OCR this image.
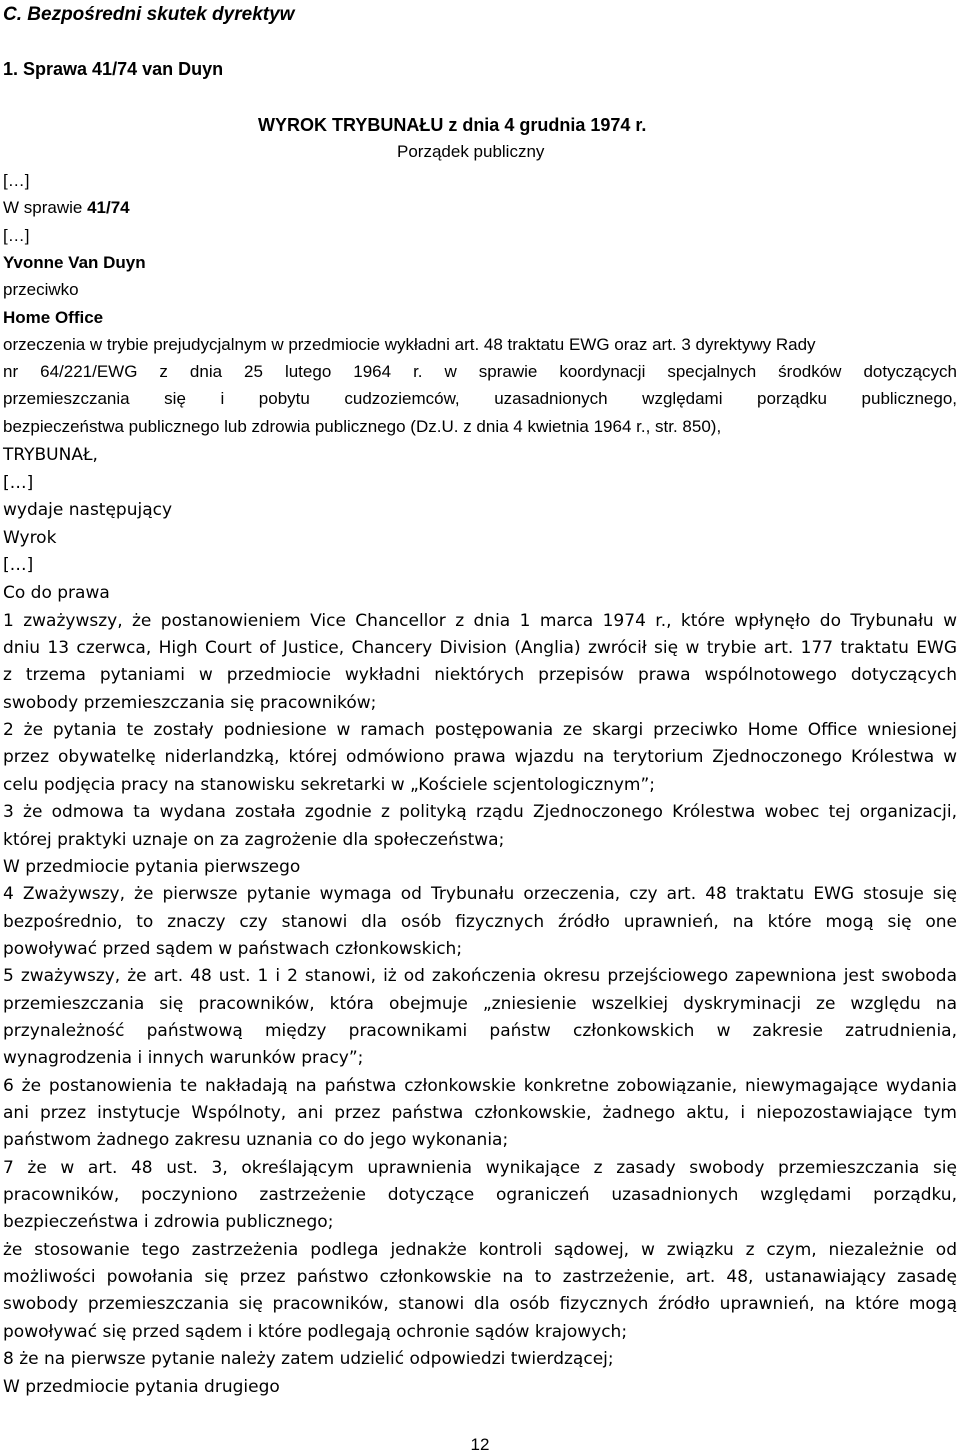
C. Bezpośredni skutek dyrektyw
1. Sprawa 41/74 van Duyn
WYROK TRYBUNAŁU z dnia 4 grudnia 1974 r.
Porządek publiczny
[…]
W sprawie 41/74
[…]
Yvonne Van Duyn
przeciwko
Home Office
orzeczenia w trybie prejudycjalnym w przedmiocie wykładni art. 48 traktatu EWG oraz art. 3 dyrektywy Rady
nr 64/221/EWG z dnia 25 lutego 1964 r. w sprawie koordynacji specjalnych środków dotyczących
przemieszczania się i pobytu cudzoziemców, uzasadnionych względami porządku publicznego,
bezpieczeństwa publicznego lub zdrowia publicznego (Dz.U. z dnia 4 kwietnia 1964 r., str. 850),
TRYBUNAŁ,
[…]
wydaje następujący
Wyrok
[…]
Co do prawa
1 zważywszy, że postanowieniem Vice Chancellor z dnia 1 marca 1974 r., które wpłynęło do Trybunału w
dniu 13 czerwca, High Court of Justice, Chancery Division (Anglia) zwrócił się w trybie art. 177 traktatu EWG
z trzema pytaniami w przedmiocie wykładni niektórych przepisów prawa wspólnotowego dotyczących
swobody przemieszczania się pracowników;
2 że pytania te zostały podniesione w ramach postępowania ze skargi przeciwko Home Office wniesionej
przez obywatelkę niderlandzką, której odmówiono prawa wjazdu na terytorium Zjednoczonego Królestwa w
celu podjęcia pracy na stanowisku sekretarki w „Kościele scjentologicznym”;
3 że odmowa ta wydana została zgodnie z polityką rządu Zjednoczonego Królestwa wobec tej organizacji,
której praktyki uznaje on za zagrożenie dla społeczeństwa;
W przedmiocie pytania pierwszego
4 Zważywszy, że pierwsze pytanie wymaga od Trybunału orzeczenia, czy art. 48 traktatu EWG stosuje się
bezpośrednio, to znaczy czy stanowi dla osób fizycznych źródło uprawnień, na które mogą się one
powoływać przed sądem w państwach członkowskich;
5 zważywszy, że art. 48 ust. 1 i 2 stanowi, iż od zakończenia okresu przejściowego zapewniona jest swoboda
przemieszczania się pracowników, która obejmuje „zniesienie wszelkiej dyskryminacji ze względu na
przynależność państwową między pracownikami państw członkowskich w zakresie zatrudnienia,
wynagrodzenia i innych warunków pracy”;
6 że postanowienia te nakładają na państwa członkowskie konkretne zobowiązanie, niewymagające wydania
ani przez instytucje Wspólnoty, ani przez państwa członkowskie, żadnego aktu, i niepozostawiające tym
państwom żadnego zakresu uznania co do jego wykonania;
7 że w art. 48 ust. 3, określającym uprawnienia wynikające z zasady swobody przemieszczania się
pracowników, poczyniono zastrzeżenie dotyczące ograniczeń uzasadnionych względami porządku,
bezpieczeństwa i zdrowia publicznego;
że stosowanie tego zastrzeżenia podlega jednakże kontroli sądowej, w związku z czym, niezależnie od
możliwości powołania się przez państwo członkowskie na to zastrzeżenie, art. 48, ustanawiający zasadę
swobody przemieszczania się pracowników, stanowi dla osób fizycznych źródło uprawnień, na które mogą
powoływać się przed sądem i które podlegają ochronie sądów krajowych;
8 że na pierwsze pytanie należy zatem udzielić odpowiedzi twierdzącej;
W przedmiocie pytania drugiego
12
